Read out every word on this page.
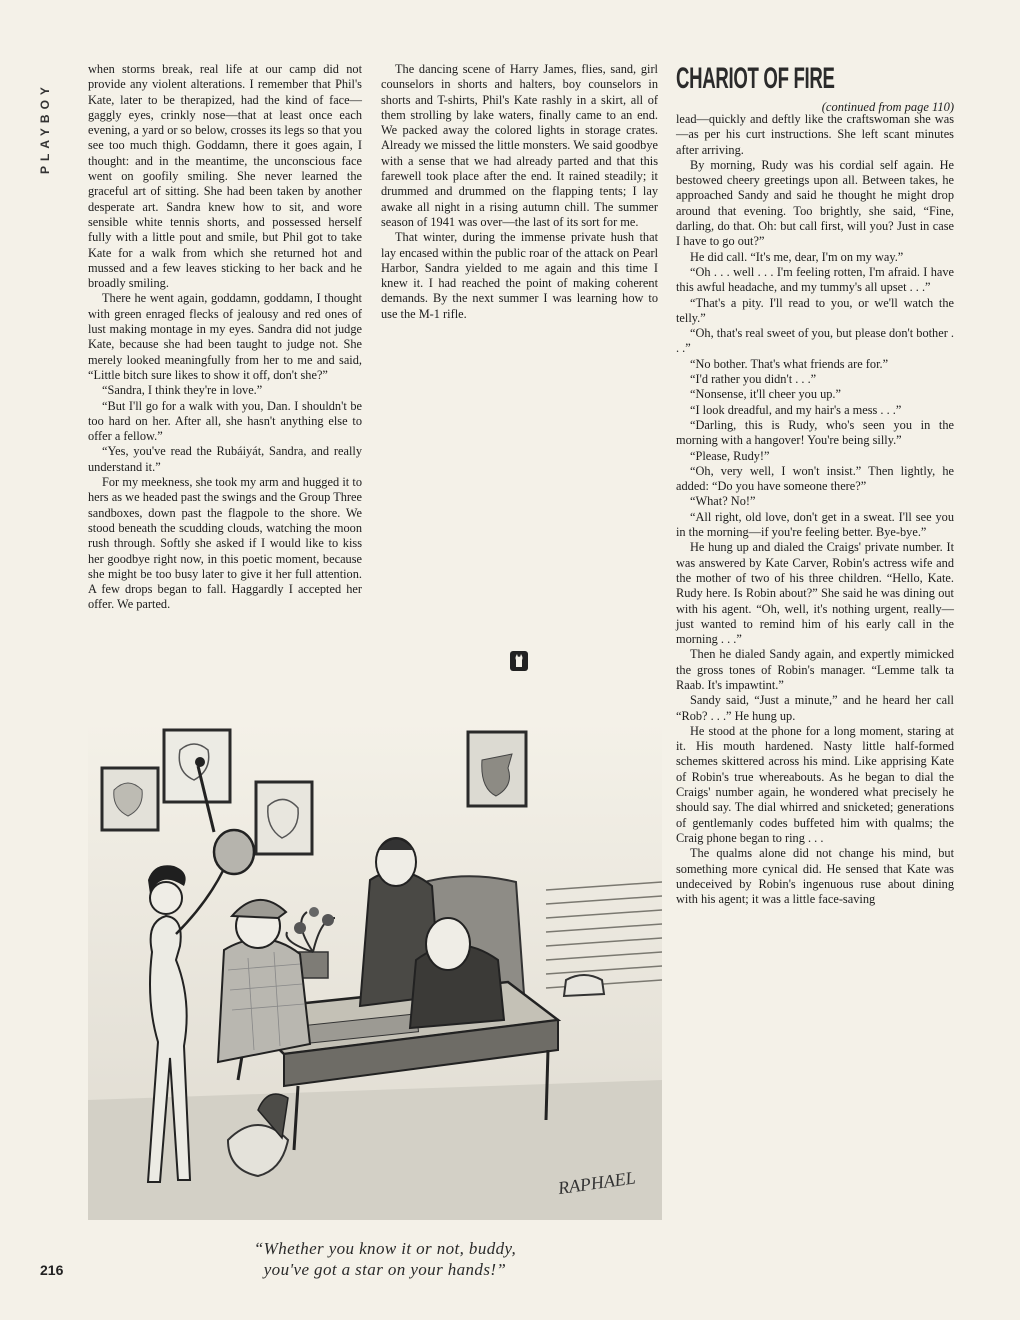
PLAYBOY

when storms break, real life at our camp did not provide any violent alterations. I remember that Phil's Kate, later to be therapized, had the kind of face—gaggly eyes, crinkly nose—that at least once each evening, a yard or so below, crosses its legs so that you see too much thigh. Goddamn, there it goes again, I thought: and in the meantime, the unconscious face went on goofily smiling. She never learned the graceful art of sitting. She had been taken by another desperate art. Sandra knew how to sit, and wore sensible white tennis shorts, and possessed herself fully with a little pout and smile, but Phil got to take Kate for a walk from which she returned hot and mussed and a few leaves sticking to her back and he broadly smiling.

There he went again, goddamn, goddamn, I thought with green enraged flecks of jealousy and red ones of lust making montage in my eyes. Sandra did not judge Kate, because she had been taught to judge not. She merely looked meaningfully from her to me and said, “Little bitch sure likes to show it off, don't she?”

“Sandra, I think they're in love.”

“But I'll go for a walk with you, Dan. I shouldn't be too hard on her. After all, she hasn't anything else to offer a fellow.”

“Yes, you've read the Rubáiyát, Sandra, and really understand it.”

For my meekness, she took my arm and hugged it to hers as we headed past the swings and the Group Three sandboxes, down past the flagpole to the shore. We stood beneath the scudding clouds, watching the moon rush through. Softly she asked if I would like to kiss her goodbye right now, in this poetic moment, because she might be too busy later to give it her full attention. A few drops began to fall. Haggardly I accepted her offer. We parted.

The dancing scene of Harry James, flies, sand, girl counselors in shorts and halters, boy counselors in shorts and T-shirts, Phil's Kate rashly in a skirt, all of them strolling by lake waters, finally came to an end. We packed away the colored lights in storage crates. Already we missed the little monsters. We said goodbye with a sense that we had already parted and that this farewell took place after the end. It rained steadily; it drummed and drummed on the flapping tents; I lay awake all night in a rising autumn chill. The summer season of 1941 was over—the last of its sort for me.

That winter, during the immense private hush that lay encased within the public roar of the attack on Pearl Harbor, Sandra yielded to me again and this time I knew it. I had reached the point of making coherent demands. By the next summer I was learning how to use the M-1 rifle.

CHARIOT OF FIRE
(continued from page 110)

lead—quickly and deftly like the craftswoman she was—as per his curt instructions. She left scant minutes after arriving.

By morning, Rudy was his cordial self again. He bestowed cheery greetings upon all. Between takes, he approached Sandy and said he thought he might drop around that evening. Too brightly, she said, “Fine, darling, do that. Oh: but call first, will you? Just in case I have to go out?”

He did call. “It's me, dear, I'm on my way.”

“Oh . . . well . . . I'm feeling rotten, I'm afraid. I have this awful headache, and my tummy's all upset . . .”

“That's a pity. I'll read to you, or we'll watch the telly.”

“Oh, that's real sweet of you, but please don't bother . . .”

“No bother. That's what friends are for.”

“I'd rather you didn't . . .”

“Nonsense, it'll cheer you up.”

“I look dreadful, and my hair's a mess . . .”

“Darling, this is Rudy, who's seen you in the morning with a hangover! You're being silly.”

“Please, Rudy!”

“Oh, very well, I won't insist.” Then lightly, he added: “Do you have someone there?”

“What? No!”

“All right, old love, don't get in a sweat. I'll see you in the morning—if you're feeling better. Bye-bye.”

He hung up and dialed the Craigs' private number. It was answered by Kate Carver, Robin's actress wife and the mother of two of his three children. “Hello, Kate. Rudy here. Is Robin about?” She said he was dining out with his agent. “Oh, well, it's nothing urgent, really—just wanted to remind him of his early call in the morning . . .”

Then he dialed Sandy again, and expertly mimicked the gross tones of Robin's manager. “Lemme talk ta Raab. It's impawtint.”

Sandy said, “Just a minute,” and he heard her call “Rob? . . .” He hung up.

He stood at the phone for a long moment, staring at it. His mouth hardened. Nasty little half-formed schemes skittered across his mind. Like apprising Kate of Robin's true whereabouts. As he began to dial the Craigs' number again, he wondered what precisely he should say. The dial whirred and snicketed; generations of gentlemanly codes buffeted him with qualms; the Craig phone began to ring . . .

The qualms alone did not change his mind, but something more cynical did. He sensed that Kate was undeceived by Robin's ingenuous ruse about dining with his agent; it was a little face-saving

RAPHAEL
“Whether you know it or not, buddy,
you've got a star on your hands!”
216
